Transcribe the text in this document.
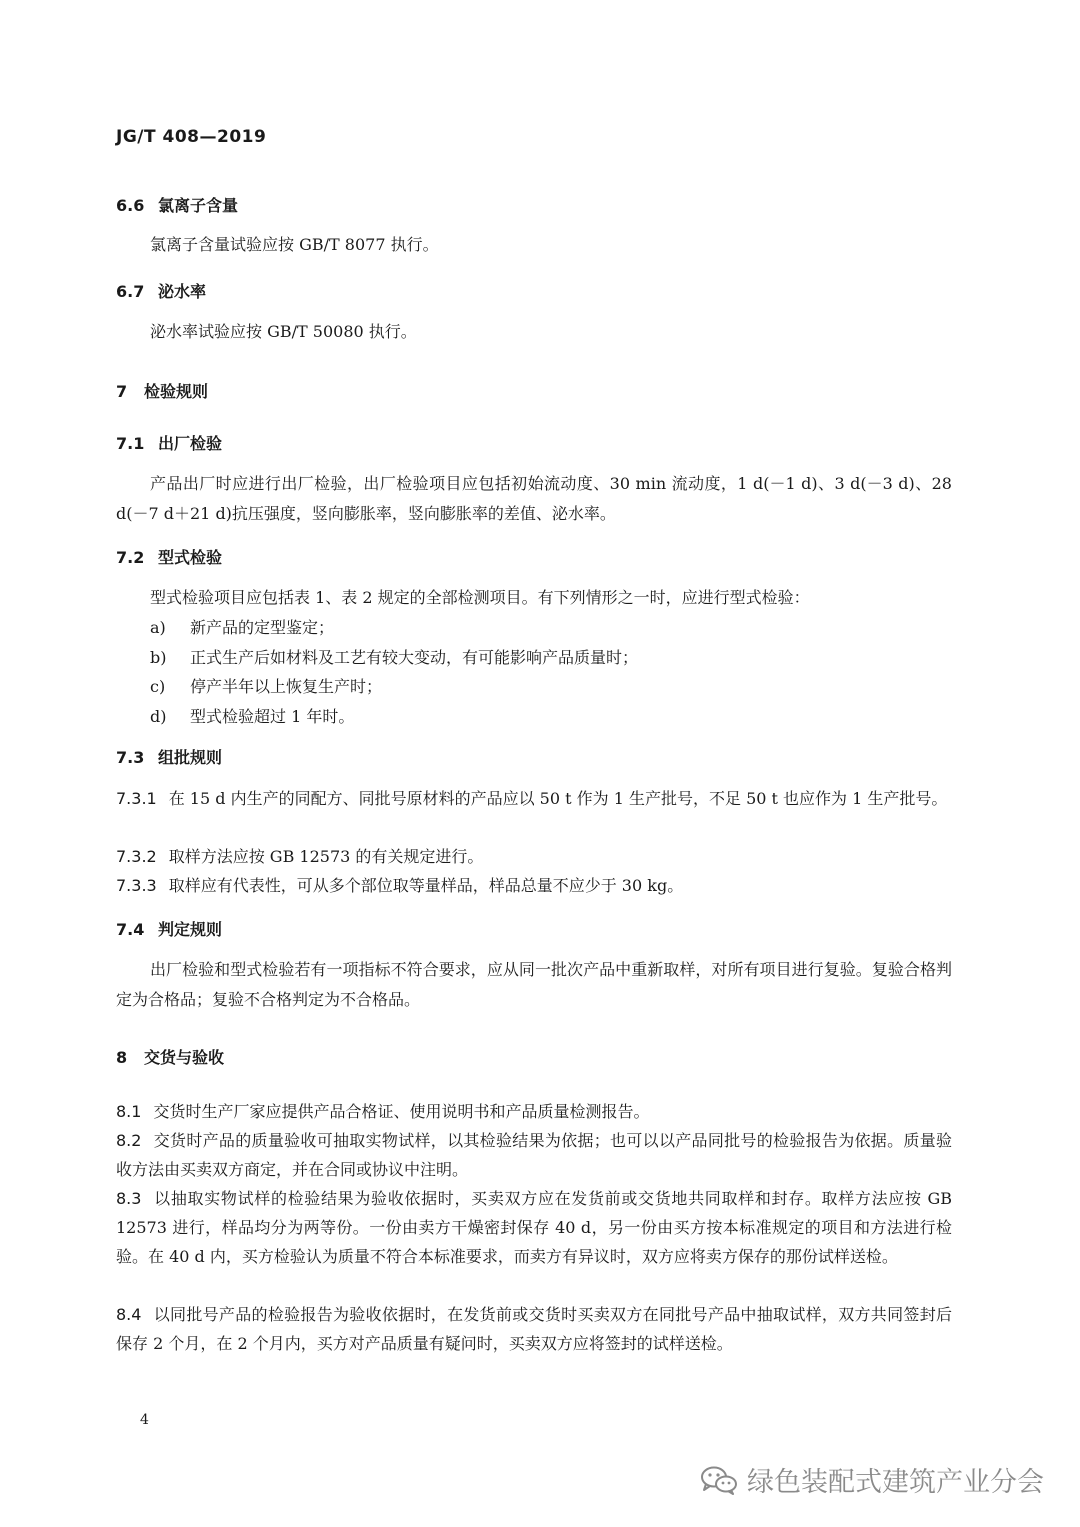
JG/T 408—2019
6.6 氯离子含量
氯离子含量试验应按 GB/T 8077 执行。
6.7 泌水率
泌水率试验应按 GB/T 50080 执行。
7 检验规则
7.1 出厂检验
产品出厂时应进行出厂检验，出厂检验项目应包括初始流动度、30 min 流动度，1 d(－1 d)、3 d(－3 d)、28 d(－7 d＋21 d)抗压强度，竖向膨胀率，竖向膨胀率的差值、泌水率。
7.2 型式检验
型式检验项目应包括表 1、表 2 规定的全部检测项目。有下列情形之一时，应进行型式检验：
a) 新产品的定型鉴定；
b) 正式生产后如材料及工艺有较大变动，有可能影响产品质量时；
c) 停产半年以上恢复生产时；
d) 型式检验超过 1 年时。
7.3 组批规则
7.3.1 在 15 d 内生产的同配方、同批号原材料的产品应以 50 t 作为 1 生产批号，不足 50 t 也应作为 1 生产批号。
7.3.2 取样方法应按 GB 12573 的有关规定进行。
7.3.3 取样应有代表性，可从多个部位取等量样品，样品总量不应少于 30 kg。
7.4 判定规则
出厂检验和型式检验若有一项指标不符合要求，应从同一批次产品中重新取样，对所有项目进行复验。复验合格判定为合格品；复验不合格判定为不合格品。
8 交货与验收
8.1 交货时生产厂家应提供产品合格证、使用说明书和产品质量检测报告。
8.2 交货时产品的质量验收可抽取实物试样，以其检验结果为依据；也可以以产品同批号的检验报告为依据。质量验收方法由买卖双方商定，并在合同或协议中注明。
8.3 以抽取实物试样的检验结果为验收依据时，买卖双方应在发货前或交货地共同取样和封存。取样方法应按 GB 12573 进行，样品均分为两等份。一份由卖方干燥密封保存 40 d，另一份由买方按本标准规定的项目和方法进行检验。在 40 d 内，买方检验认为质量不符合本标准要求，而卖方有异议时，双方应将卖方保存的那份试样送检。
8.4 以同批号产品的检验报告为验收依据时，在发货前或交货时买卖双方在同批号产品中抽取试样，双方共同签封后保存 2 个月，在 2 个月内，买方对产品质量有疑问时，买卖双方应将签封的试样送检。
4
绿色装配式建筑产业分会
